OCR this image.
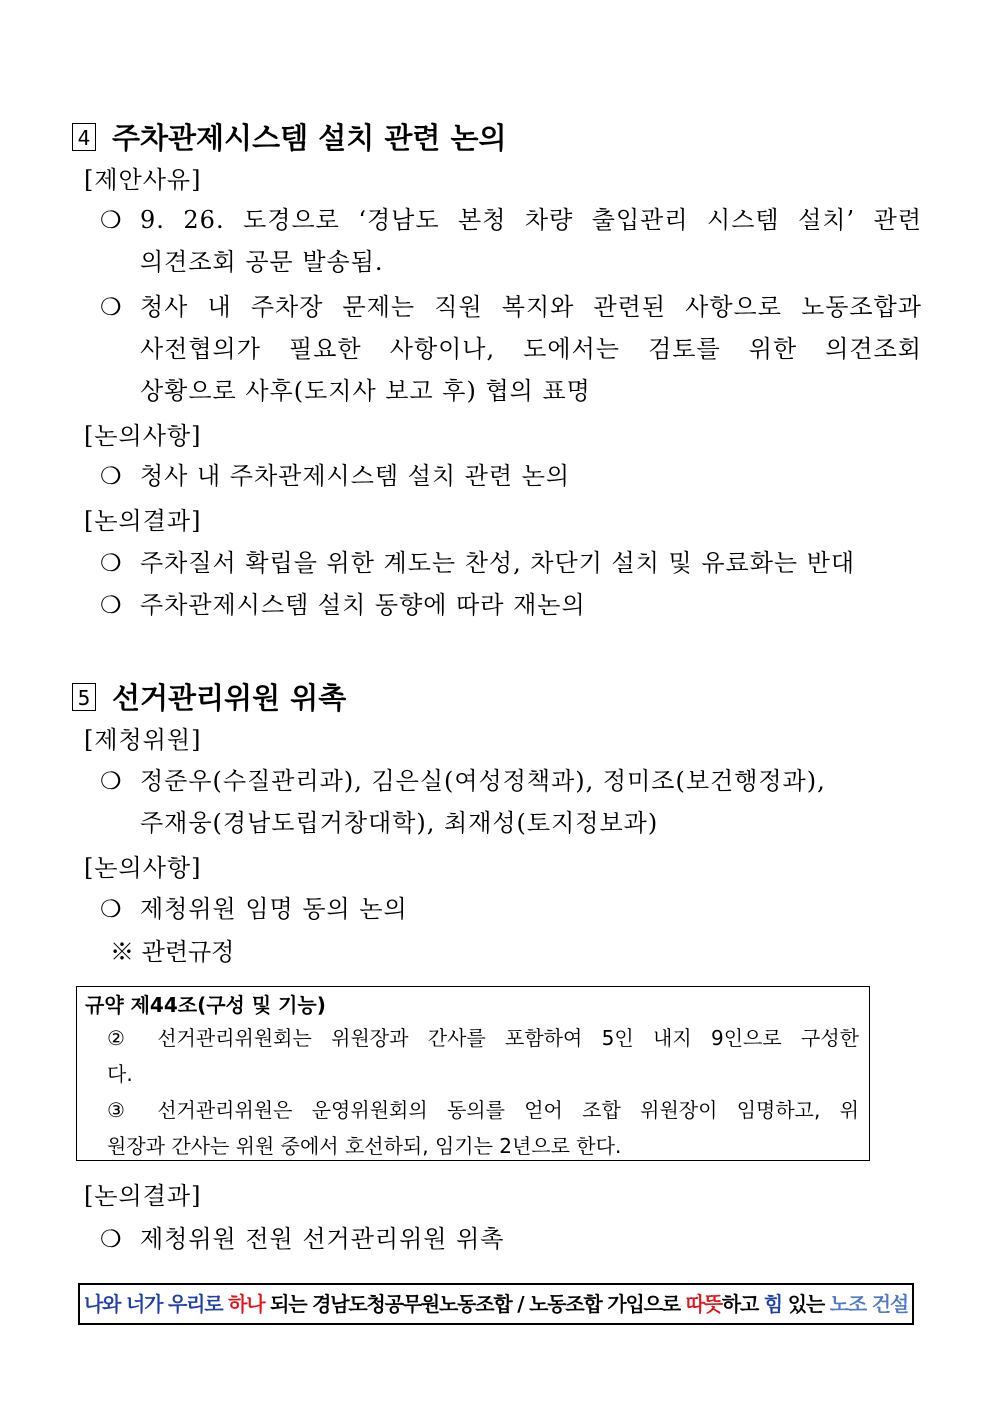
4 주차관제시스템 설치 관련 논의
[제안사유]
❍ 9. 26. 도경으로 ‘경남도 본청 차량 출입관리 시스템 설치’ 관련
의견조회 공문 발송됨.
❍ 청사 내 주차장 문제는 직원 복지와 관련된 사항으로 노동조합과
사전협의가 필요한 사항이나, 도에서는 검토를 위한 의견조회
상황으로 사후(도지사 보고 후) 협의 표명
[논의사항]
❍ 청사 내 주차관제시스템 설치 관련 논의
[논의결과]
❍ 주차질서 확립을 위한 계도는 찬성, 차단기 설치 및 유료화는 반대
❍ 주차관제시스템 설치 동향에 따라 재논의
5 선거관리위원 위촉
[제청위원]
❍ 정준우(수질관리과), 김은실(여성정책과), 정미조(보건행정과),
주재웅(경남도립거창대학), 최재성(토지정보과)
[논의사항]
❍ 제청위원 임명 동의 논의
※ 관련규정
규약 제44조(구성 및 기능)
② 선거관리위원회는 위원장과 간사를 포함하여 5인 내지 9인으로 구성한
다.
③ 선거관리위원은 운영위원회의 동의를 얻어 조합 위원장이 임명하고, 위
원장과 간사는 위원 중에서 호선하되, 임기는 2년으로 한다.
[논의결과]
❍ 제청위원 전원 선거관리위원 위촉
나와 너가 우리로 하나 되는 경남도청공무원노동조합 / 노동조합 가입으로 따뜻하고 힘 있는 노조 건설
